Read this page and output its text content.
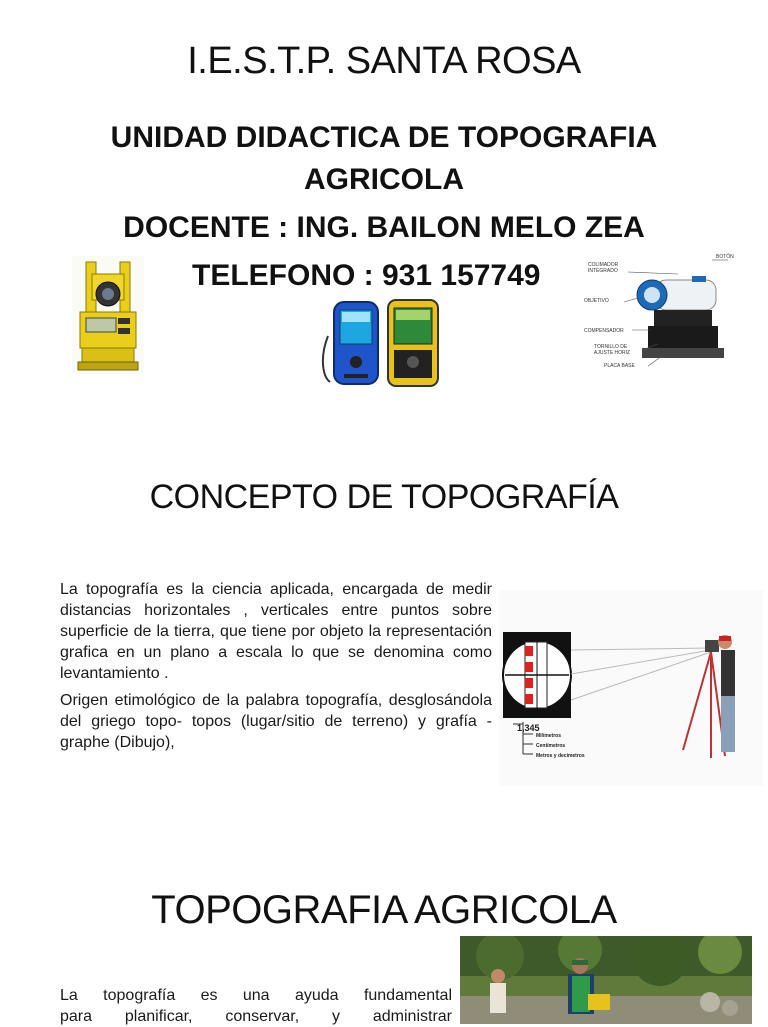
I.E.S.T.P. SANTA ROSA
UNIDAD DIDACTICA DE TOPOGRAFIA
AGRICOLA
DOCENTE : ING. BAILON MELO ZEA
TELEFONO : 931 157749	COLIMADOR INTEGRADO
BOTÓN
OBJETIVO
COMPENSADOR
TORNILLO DE AJUSTE HORIZ
PLACA BASE
CONCEPTO DE TOPOGRAFÍA

La topografía es la ciencia aplicada, encargada de medir distancias horizontales , verticales entre puntos sobre superficie de la tierra, que tiene por objeto la representación grafica en un plano a escala lo que se denomina como levantamiento .

Origen etimológico de la palabra topografía, desglosándola del griego topo- topos (lugar/sitio de terreno) y grafía - graphe (Dibujo),

1,345
Milímetros
Centímetros
Metros y decímetros
TOPOGRAFIA AGRICOLA
La topografía es una ayuda fundamental
para planificar, conservar, y administrar
